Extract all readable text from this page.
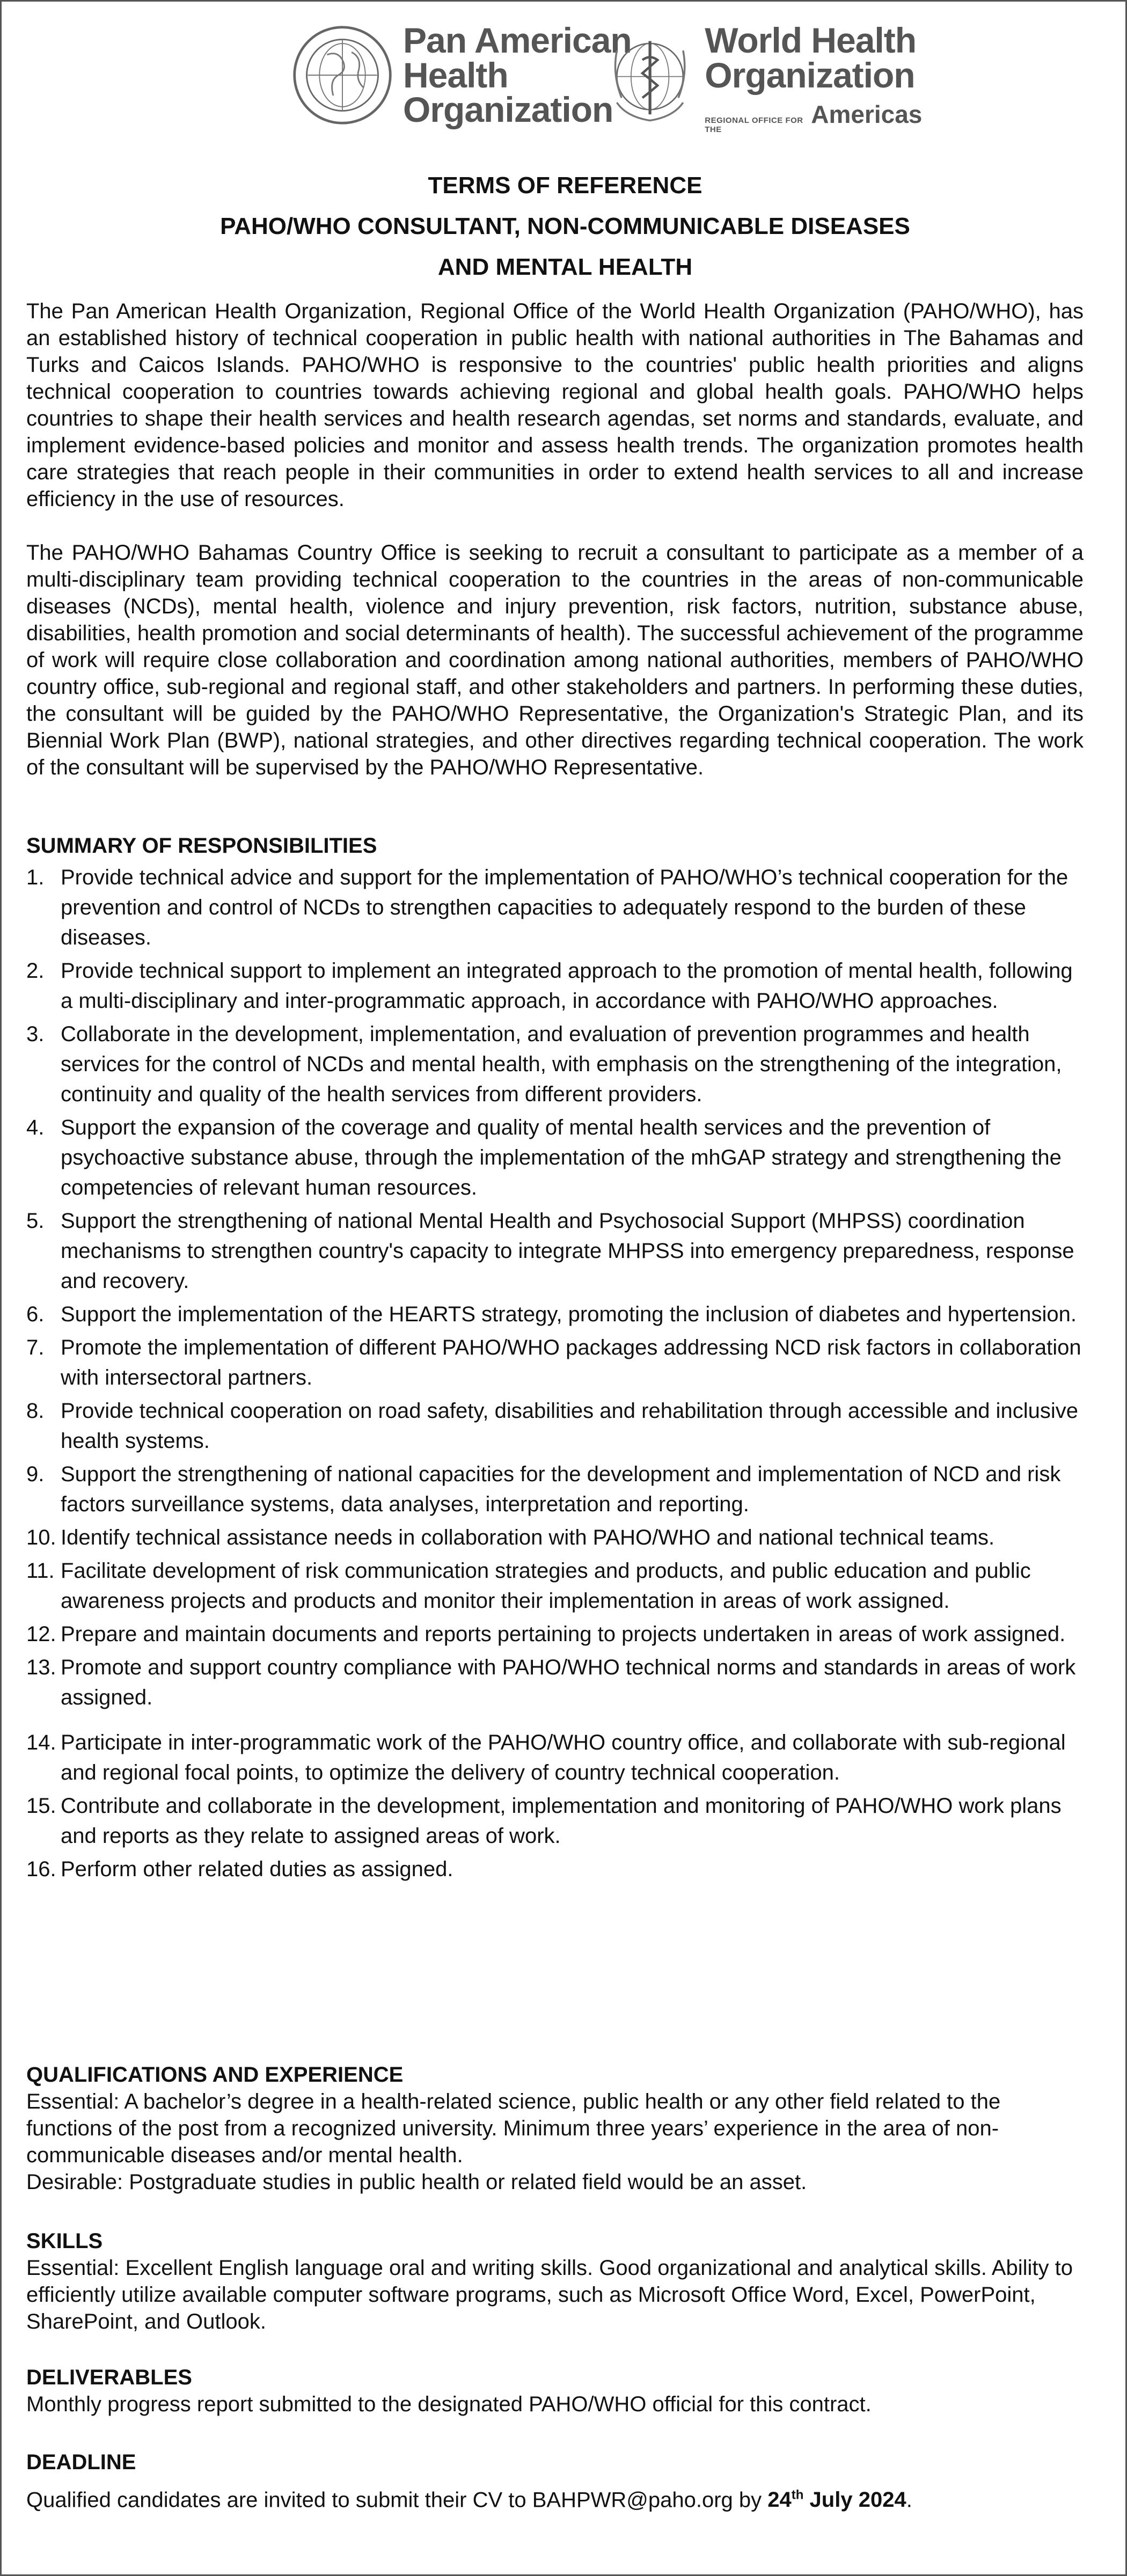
Pan American
Health
Organization
World Health
Organization
REGIONAL OFFICE FOR THE
Americas
TERMS OF REFERENCE
PAHO/WHO CONSULTANT, NON-COMMUNICABLE DISEASES
AND MENTAL HEALTH

The Pan American Health Organization, Regional Office of the World Health Organization (PAHO/WHO), has an established history of technical cooperation in public health with national authorities in The Bahamas and Turks and Caicos Islands. PAHO/WHO is responsive to the countries' public health priorities and aligns technical cooperation to countries towards achieving regional and global health goals. PAHO/WHO helps countries to shape their health services and health research agendas, set norms and standards, evaluate, and implement evidence-based policies and monitor and assess health trends. The organization promotes health care strategies that reach people in their communities in order to extend health services to all and increase efficiency in the use of resources.

The PAHO/WHO Bahamas Country Office is seeking to recruit a consultant to participate as a member of a multi-disciplinary team providing technical cooperation to the countries in the areas of non-communicable diseases (NCDs), mental health, violence and injury prevention, risk factors, nutrition, substance abuse, disabilities, health promotion and social determinants of health). The successful achievement of the programme of work will require close collaboration and coordination among national authorities, members of PAHO/WHO country office, sub-regional and regional staff, and other stakeholders and partners. In performing these duties, the consultant will be guided by the PAHO/WHO Representative, the Organization's Strategic Plan, and its Biennial Work Plan (BWP), national strategies, and other directives regarding technical cooperation. The work of the consultant will be supervised by the PAHO/WHO Representative.

SUMMARY OF RESPONSIBILITIES

1. Provide technical advice and support for the implementation of PAHO/WHO’s technical cooperation for the prevention and control of NCDs to strengthen capacities to adequately respond to the burden of these diseases.
2. Provide technical support to implement an integrated approach to the promotion of mental health, following a multi-disciplinary and inter-programmatic approach, in accordance with PAHO/WHO approaches.
3. Collaborate in the development, implementation, and evaluation of prevention programmes and health services for the control of NCDs and mental health, with emphasis on the strengthening of the integration, continuity and quality of the health services from different providers.
4. Support the expansion of the coverage and quality of mental health services and the prevention of psychoactive substance abuse, through the implementation of the mhGAP strategy and strengthening the competencies of relevant human resources.
5. Support the strengthening of national Mental Health and Psychosocial Support (MHPSS) coordination mechanisms to strengthen country's capacity to integrate MHPSS into emergency preparedness, response and recovery.
6. Support the implementation of the HEARTS strategy, promoting the inclusion of diabetes and hypertension.
7. Promote the implementation of different PAHO/WHO packages addressing NCD risk factors in collaboration with intersectoral partners.
8. Provide technical cooperation on road safety, disabilities and rehabilitation through accessible and inclusive health systems.
9. Support the strengthening of national capacities for the development and implementation of NCD and risk factors surveillance systems, data analyses, interpretation and reporting.
10. Identify technical assistance needs in collaboration with PAHO/WHO and national technical teams.
11. Facilitate development of risk communication strategies and products, and public education and public awareness projects and products and monitor their implementation in areas of work assigned.
12. Prepare and maintain documents and reports pertaining to projects undertaken in areas of work assigned.
13. Promote and support country compliance with PAHO/WHO technical norms and standards in areas of work assigned.
14. Participate in inter-programmatic work of the PAHO/WHO country office, and collaborate with sub-regional and regional focal points, to optimize the delivery of country technical cooperation.
15. Contribute and collaborate in the development, implementation and monitoring of PAHO/WHO work plans and reports as they relate to assigned areas of work.
16. Perform other related duties as assigned.

QUALIFICATIONS AND EXPERIENCE

Essential: A bachelor’s degree in a health-related science, public health or any other field related to the functions of the post from a recognized university. Minimum three years’ experience in the area of non-communicable diseases and/or mental health.

Desirable: Postgraduate studies in public health or related field would be an asset.

SKILLS

Essential: Excellent English language oral and writing skills. Good organizational and analytical skills. Ability to efficiently utilize available computer software programs, such as Microsoft Office Word, Excel, PowerPoint, SharePoint, and Outlook.

DELIVERABLES

Monthly progress report submitted to the designated PAHO/WHO official for this contract.

DEADLINE

Qualified candidates are invited to submit their CV to BAHPWR@paho.org by 24th July 2024.
